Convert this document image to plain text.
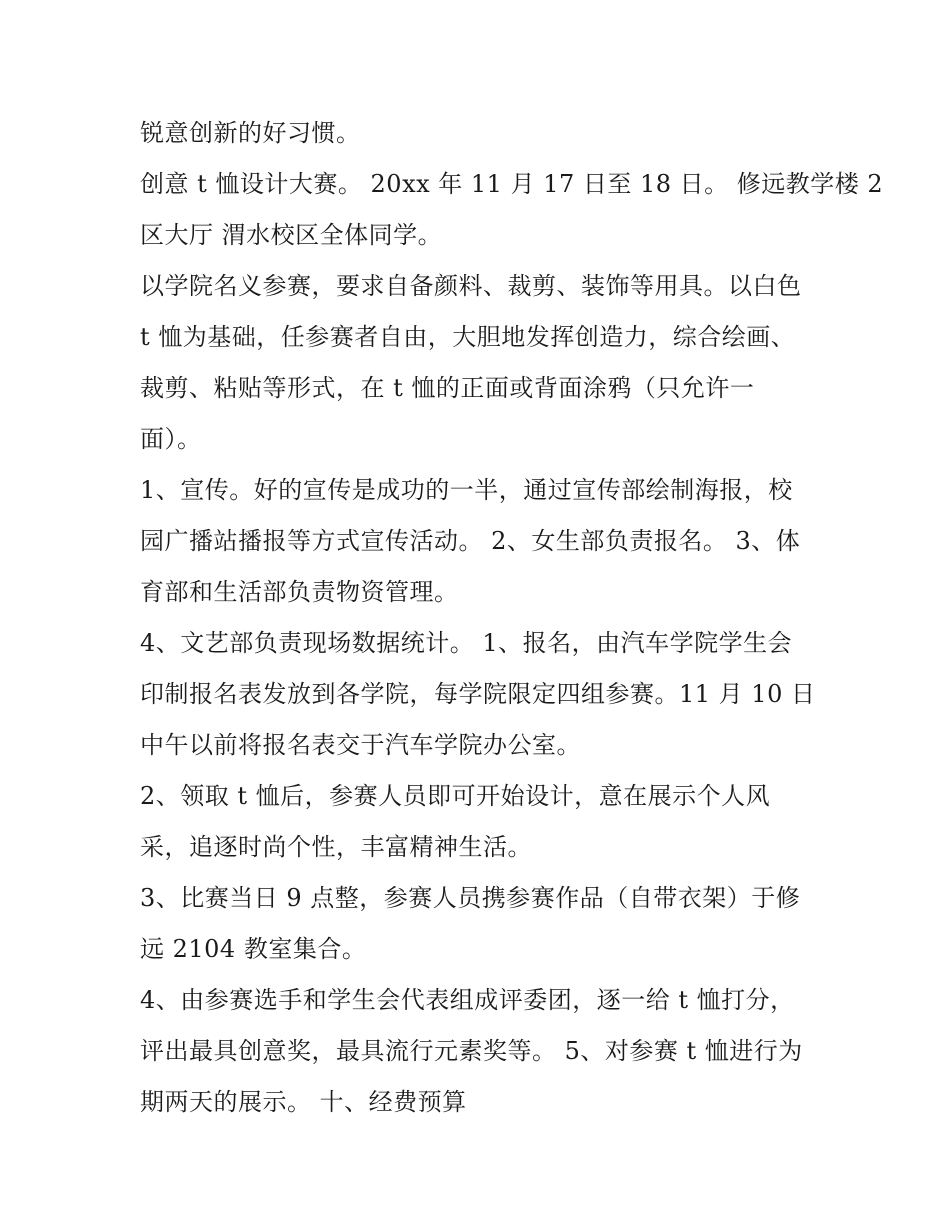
锐意创新的好习惯。
创意 t 恤设计大赛。 20xx 年 11 月 17 日至 18 日。 修远教学楼 2
区大厅 渭水校区全体同学。
以学院名义参赛，要求自备颜料、裁剪、装饰等用具。以白色
t 恤为基础，任参赛者自由，大胆地发挥创造力，综合绘画、
裁剪、粘贴等形式，在 t 恤的正面或背面涂鸦（只允许一
面）。
1、宣传。好的宣传是成功的一半，通过宣传部绘制海报，校
园广播站播报等方式宣传活动。 2、女生部负责报名。 3、体
育部和生活部负责物资管理。
4、文艺部负责现场数据统计。 1、报名，由汽车学院学生会
印制报名表发放到各学院，每学院限定四组参赛。11 月 10 日
中午以前将报名表交于汽车学院办公室。
2、领取 t 恤后，参赛人员即可开始设计，意在展示个人风
采，追逐时尚个性，丰富精神生活。
3、比赛当日 9 点整，参赛人员携参赛作品（自带衣架）于修
远 2104 教室集合。
4、由参赛选手和学生会代表组成评委团，逐一给 t 恤打分，
评出最具创意奖，最具流行元素奖等。 5、对参赛 t 恤进行为
期两天的展示。 十、经费预算
